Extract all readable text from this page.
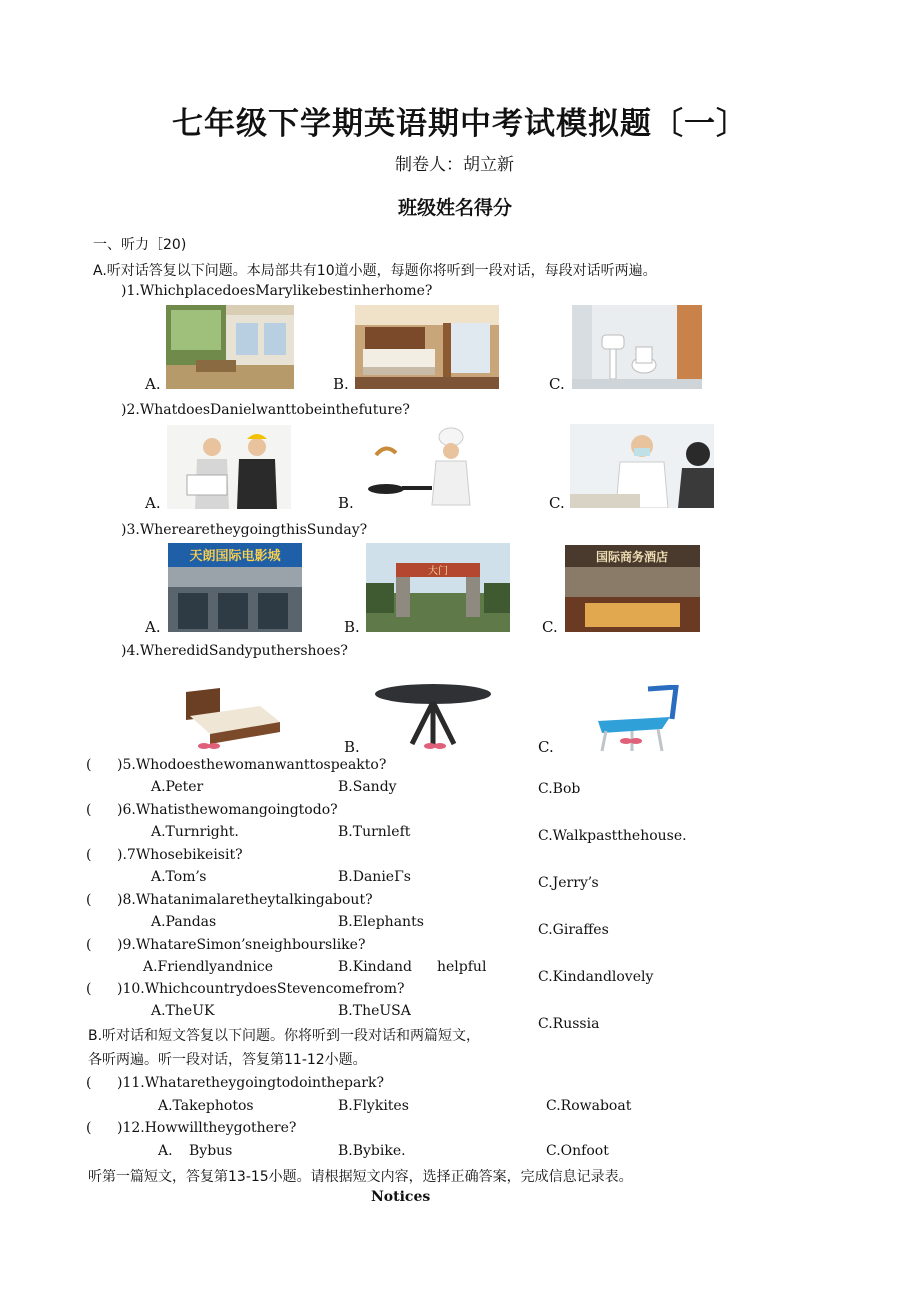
七年级下学期英语期中考试模拟题〔一〕
制卷人：胡立新
班级姓名得分
一、听力［20)
A.听对话答复以下问题。本局部共有10道小题，每题你将听到一段对话，每段对话听两遍。
)1.WhichplacedoesMarylikebestinherhome?
A.	B.	C.
)2.WhatdoesDanielwanttobeinthefuture?
A.	B.	C.
)3.WherearetheygoingthisSunday?
A.	B.	C.
天朗国际电影城
大门
国际商务酒店
)4.WheredidSandyputhershoes?
B.	C.
( )5.Whodoesthewomanwanttospeakto?
A.Peter	B.Sandy	C.Bob
( )6.Whatisthewomangoingtodo?
A.Turnright.	B.Turnleft	C.Walkpastthehouse.
( ).7Whosebikeisit?
A.Tom՚s	B.DanieΓs	C.Jerry՚s
( )8.Whatanimalaretheytalkingabout?
A.Pandas	B.Elephants	C.Giraffes
( )9.WhatareSimon՚sneighbourslike?
A.Friendlyandnice	B.Kindand helpful
C.Kindandlovely
( )10.WhichcountrydoesStevencomefrom?
A.TheUK	B.TheUSA
C.Russia
B.听对话和短文答复以下问题。你将听到一段对话和两篇短文，
各听两遍。听一段对话，答复第11-12小题。
( )11.Whataretheygoingtodointhepark?
A.Takephotos	B.Flykites	C.Rowaboat
( )12.Howwilltheygothere?
A. Bybus	B.Bybike.	C.Onfoot
听第一篇短文，答复第13-15小题。请根据短文内容，选择正确答案，完成信息记录表。
Notices
